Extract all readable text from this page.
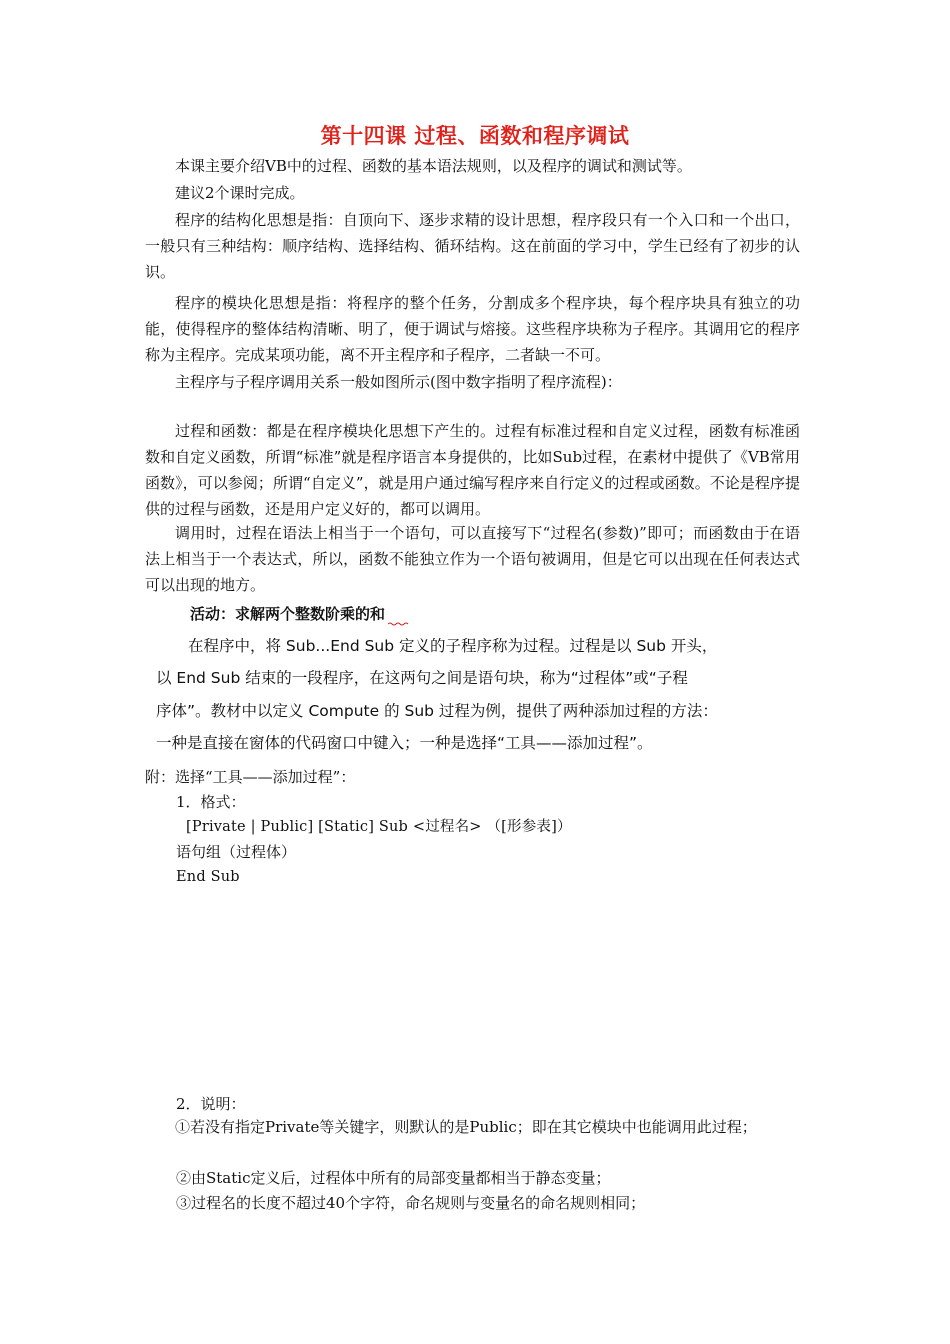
第十四课 过程、函数和程序调试
本课主要介绍VB中的过程、函数的基本语法规则，以及程序的调试和测试等。
建议2个课时完成。
程序的结构化思想是指：自顶向下、逐步求精的设计思想，程序段只有一个入口和一个出口，一般只有三种结构：顺序结构、选择结构、循环结构。这在前面的学习中，学生已经有了初步的认识。
程序的模块化思想是指：将程序的整个任务，分割成多个程序块，每个程序块具有独立的功能，使得程序的整体结构清晰、明了，便于调试与熔接。这些程序块称为子程序。其调用它的程序称为主程序。完成某项功能，离不开主程序和子程序，二者缺一不可。
主程序与子程序调用关系一般如图所示(图中数字指明了程序流程)：
过程和函数：都是在程序模块化思想下产生的。过程有标准过程和自定义过程，函数有标准函数和自定义函数，所谓“标准”就是程序语言本身提供的，比如Sub过程，在素材中提供了《VB常用函数》，可以参阅；所谓“自定义”，就是用户通过编写程序来自行定义的过程或函数。不论是程序提供的过程与函数，还是用户定义好的，都可以调用。
调用时，过程在语法上相当于一个语句，可以直接写下“过程名(参数)”即可；而函数由于在语法上相当于一个表达式，所以，函数不能独立作为一个语句被调用，但是它可以出现在任何表达式可以出现的地方。
活动：求解两个整数阶乘的和
在程序中，将 Sub...End Sub 定义的子程序称为过程。过程是以 Sub 开头，
以 End Sub 结束的一段程序，在这两句之间是语句块，称为“过程体”或“子程
序体”。教材中以定义 Compute 的 Sub 过程为例，提供了两种添加过程的方法：
一种是直接在窗体的代码窗口中键入；一种是选择“工具——添加过程”。
附：选择“工具——添加过程”：
1．格式：
[Private | Public] [Static] Sub <过程名> （[形参表]）
语句组（过程体）
End Sub
2．说明：
①若没有指定Private等关键字，则默认的是Public；即在其它模块中也能调用此过程；
②由Static定义后，过程体中所有的局部变量都相当于静态变量；
③过程名的长度不超过40个字符，命名规则与变量名的命名规则相同；
